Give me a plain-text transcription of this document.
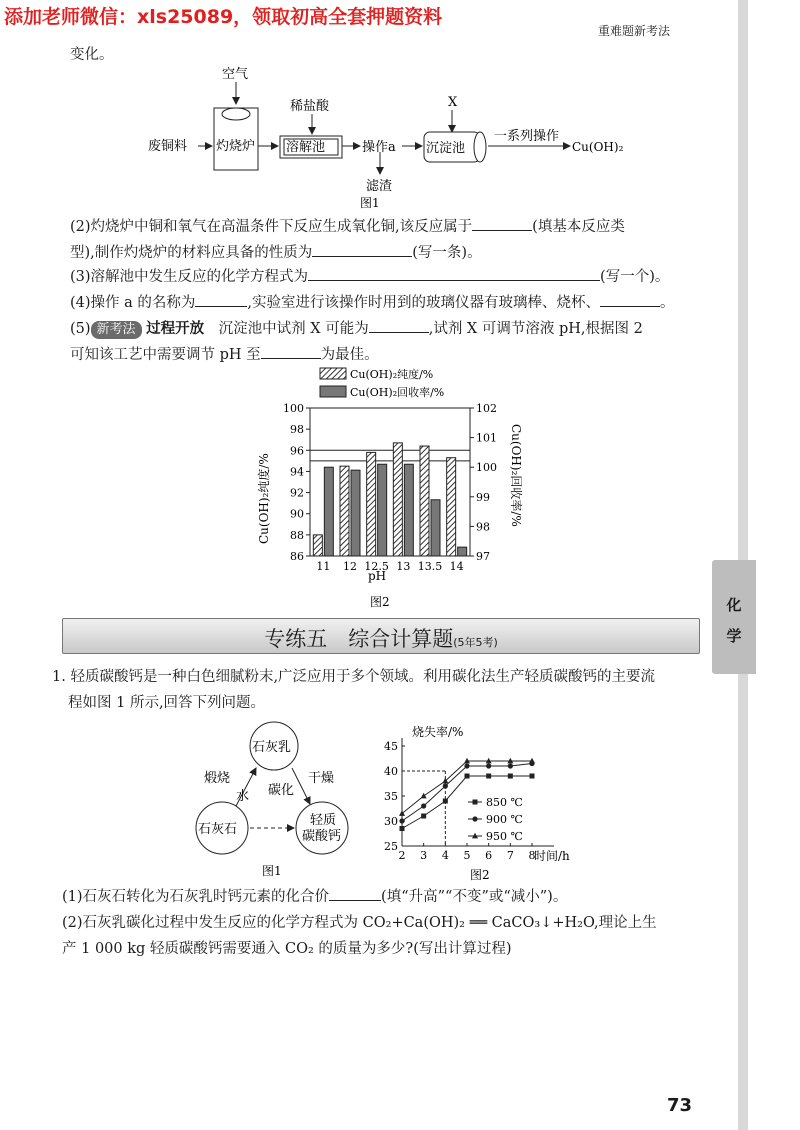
添加老师微信：xls25089，领取初高全套押题资料
重难题新考法
变化。
空气
稀盐酸	X
废铜料 灼烧炉 溶解池	操作a
滤渣
沉淀池
一系列操作
Cu(OH)₂
图1
(2)灼烧炉中铜和氧气在高温条件下反应生成氧化铜,该反应属于	(填基本反应类
型),制作灼烧炉的材料应具备的性质为	(写一条)。
(3)溶解池中发生反应的化学方程式为	(写一个)。
(4)操作 a 的名称为	,实验室进行该操作时用到的玻璃仪器有玻璃棒、烧杯、	。
(5) 新考法 过程开放　 沉淀池中试剂 X 可能为	,试剂 X 可调节溶液 pH,根据图 2
可知该工艺中需要调节 pH 至	为最佳。
Cu(OH)₂纯度/%
Cu(OH)₂回收率/%
86
88
90
92
94
96
98
100
97
98
99
100
101
102
11 12 12.5 13 13.5 14
Cu(OH)₂纯度/%	Cu(OH)₂回收率/%
pH
图2	化
学
专练五　综合计算题(5年5考)
1. 轻质碳酸钙是一种白色细腻粉末,广泛应用于多个领域。利用碳化法生产轻质碳酸钙的主要流
程如图 1 所示,回答下列问题。
石灰乳
石灰石
轻质
碳酸钙
煅烧
水 碳化
干燥
图1
2 3 4 5 6 7 8
25
30
35
40
45
850 ℃
900 ℃
950 ℃
烧失率/%
时间/h
图2
(1)石灰石转化为石灰乳时钙元素的化合价	(填“升高”“不变”或“减小”)。
(2)石灰乳碳化过程中发生反应的化学方程式为 CO₂+Ca(OH)₂ ══ CaCO₃↓+H₂O,理论上生
产 1 000 kg 轻质碳酸钙需要通入 CO₂ 的质量为多少?(写出计算过程)
73
